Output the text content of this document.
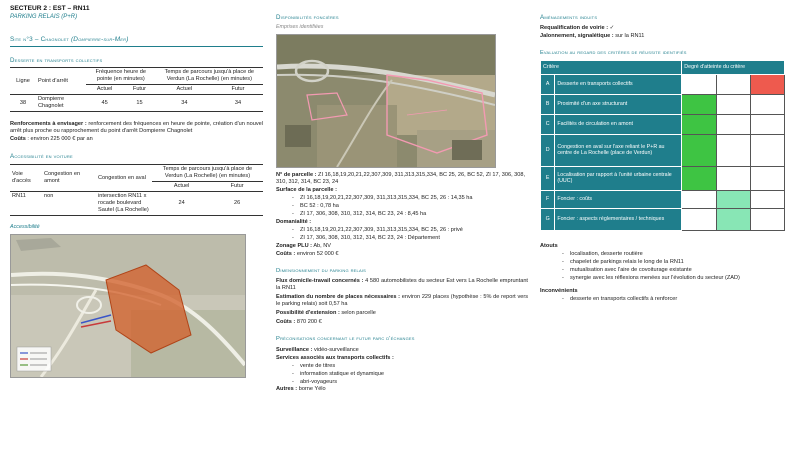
SECTEUR 2 : EST – RN11
PARKING RELAIS (P+R)
Site n°3 – Chagnolet (Dompierre-sur-Mer)
Desserte en transports collectifs
Ligne	Point d'arrêt	Fréquence heure de pointe (en minutes)		Temps de parcours jusqu'à place de Verdun (La Rochelle) (en minutes)	
		Actuel	Futur	Actuel	Futur
38	Dompierre Chagnolet	45	15	34	34
Renforcements à envisager : renforcement des fréquences en heure de pointe, création d'un nouvel arrêt plus proche ou rapprochement du point d'arrêt Dompierre Chagnolet
Coûts : environ 225 000 € par an
Accessibilité en voiture
Voie d'accès	Congestion en amont	Congestion en aval	Temps de parcours jusqu'à place de Verdun (La Rochelle) (en minutes)	
			Actuel	Futur
RN11	non	intersection RN11 x rocade boulevard Sautel (La Rochelle)	24	26
Accessibilité
Disponibilités foncières
Emprises identifiées
N° de parcelle : ZI 16,18,19,20,21,22,307,309, 311,313,315,334, BC 25, 26, BC 52, ZI 17, 306, 308, 310, 312, 314, BC 23, 24
Surface de la parcelle :
- ZI 16,18,19,20,21,22,307,309, 311,313,315,334, BC 25, 26 : 14,35 ha
- BC 52 : 0,78 ha
- ZI 17, 306, 308, 310, 312, 314, BC 23, 24 : 8,45 ha
Domanialité :
- ZI 16,18,19,20,21,22,307,309, 311,313,315,334, BC 25, 26 : privé
- ZI 17, 306, 308, 310, 312, 314, BC 23, 24 : Département
Zonage PLU : Ab, NV
Coûts : environ 52 000 €
Dimensionnement du parking relais
Flux domicile-travail concernés : 4 580 automobilistes du secteur Est vers La Rochelle empruntant la RN11
Estimation du nombre de places nécessaires : environ 229 places (hypothèse : 5% de report vers le parking relais) soit 0,57 ha
Possibilité d'extension : selon parcelle
Coûts : 870 200 €
Préconisations concernant le futur parc d'échanges
Surveillance : vidéo-surveillance
Services associés aux transports collectifs :
- vente de titres
- information statique et dynamique
- abri-voyageurs
Autres : borne Yélo
Aménagements induits
Requalification de voirie : ✓
Jalonnement, signalétique : sur la RN11
Evaluation au regard des critères de réussite identifiés
Critère		Degré d'atteinte du critère		
A	Desserte en transports collectifs			
B	Proximité d'un axe structurant			
C	Facilités de circulation en amont			
D	Congestion en aval sur l'axe reliant le P+R au centre de La Rochelle (place de Verdun)			
E	Localisation par rapport à l'unité urbaine centrale (UUC)			
F	Foncier : coûts			
G	Foncier : aspects réglementaires / techniques			
Atouts
- localisation, desserte routière
- chapelet de parkings relais le long de la RN11
- mutualisation avec l'aire de covoiturage existante
- synergie avec les réflexions menées sur l'évolution du secteur (ZAD)
Inconvénients
- desserte en transports collectifs à renforcer
